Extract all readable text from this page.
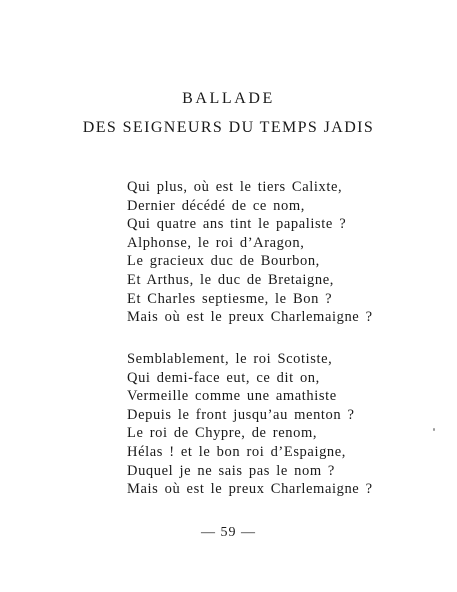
BALLADE
DES SEIGNEURS DU TEMPS JADIS
Qui plus, où est le tiers Calixte,
Dernier décédé de ce nom,
Qui quatre ans tint le papaliste ?
Alphonse, le roi d’Aragon,
Le gracieux duc de Bourbon,
Et Arthus, le duc de Bretaigne,
Et Charles septiesme, le Bon ?
Mais où est le preux Charlemaigne ?
Semblablement, le roi Scotiste,
Qui demi-face eut, ce dit on,
Vermeille comme une amathiste
Depuis le front jusqu’au menton ?
Le roi de Chypre, de renom,
Hélas ! et le bon roi d’Espaigne,
Duquel je ne sais pas le nom ?
Mais où est le preux Charlemaigne ?
— 59 —
